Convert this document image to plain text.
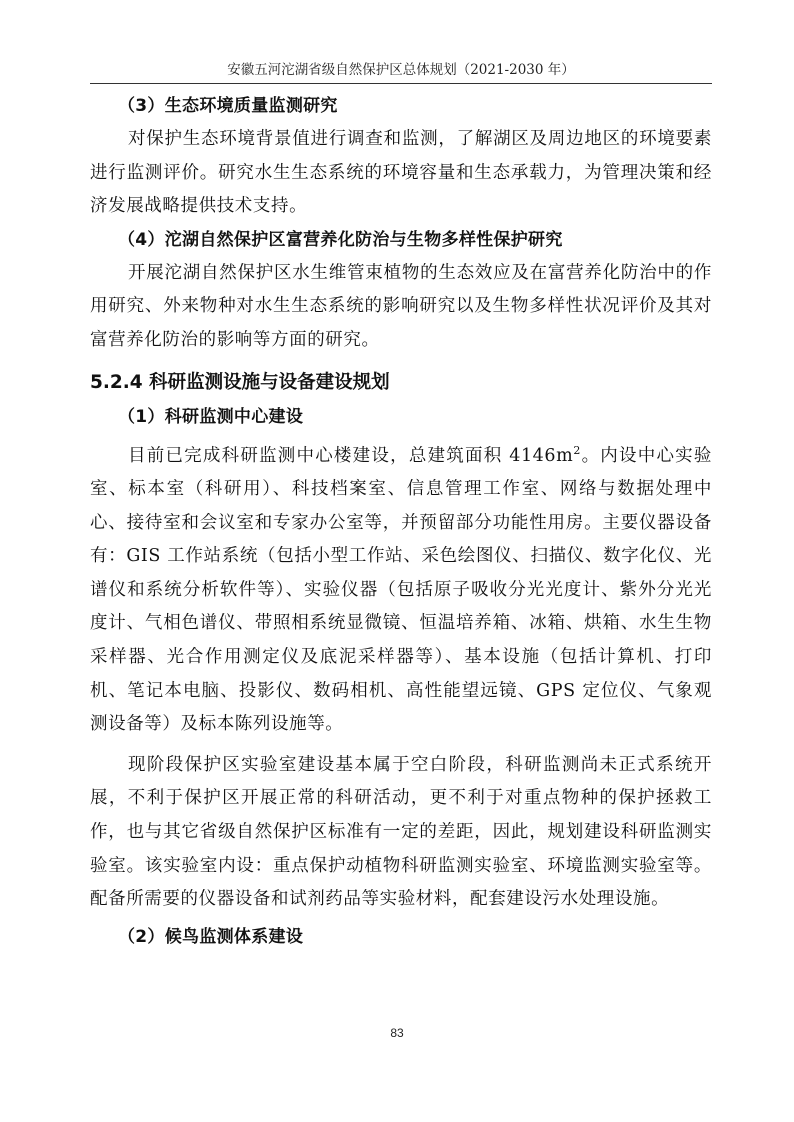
安徽五河沱湖省级自然保护区总体规划（2021-2030 年）
（3）生态环境质量监测研究

对保护生态环境背景值进行调查和监测，了解湖区及周边地区的环境要素进行监测评价。研究水生生态系统的环境容量和生态承载力，为管理决策和经济发展战略提供技术支持。

（4）沱湖自然保护区富营养化防治与生物多样性保护研究

开展沱湖自然保护区水生维管束植物的生态效应及在富营养化防治中的作用研究、外来物种对水生生态系统的影响研究以及生物多样性状况评价及其对富营养化防治的影响等方面的研究。

5.2.4 科研监测设施与设备建设规划
（1）科研监测中心建设

目前已完成科研监测中心楼建设，总建筑面积 $4146m^2$。内设中心实验室、标本室（科研用）、科技档案室、信息管理工作室、网络与数据处理中心、接待室和会议室和专家办公室等，并预留部分功能性用房。主要仪器设备有：GIS 工作站系统（包括小型工作站、采色绘图仪、扫描仪、数字化仪、光谱仪和系统分析软件等）、实验仪器（包括原子吸收分光光度计、紫外分光光度计、气相色谱仪、带照相系统显微镜、恒温培养箱、冰箱、烘箱、水生生物采样器、光合作用测定仪及底泥采样器等）、基本设施（包括计算机、打印机、笔记本电脑、投影仪、数码相机、高性能望远镜、GPS 定位仪、气象观测设备等）及标本陈列设施等。

现阶段保护区实验室建设基本属于空白阶段，科研监测尚未正式系统开展，不利于保护区开展正常的科研活动，更不利于对重点物种的保护拯救工作，也与其它省级自然保护区标准有一定的差距，因此，规划建设科研监测实验室。该实验室内设：重点保护动植物科研监测实验室、环境监测实验室等。配备所需要的仪器设备和试剂药品等实验材料，配套建设污水处理设施。

（2）候鸟监测体系建设
83
